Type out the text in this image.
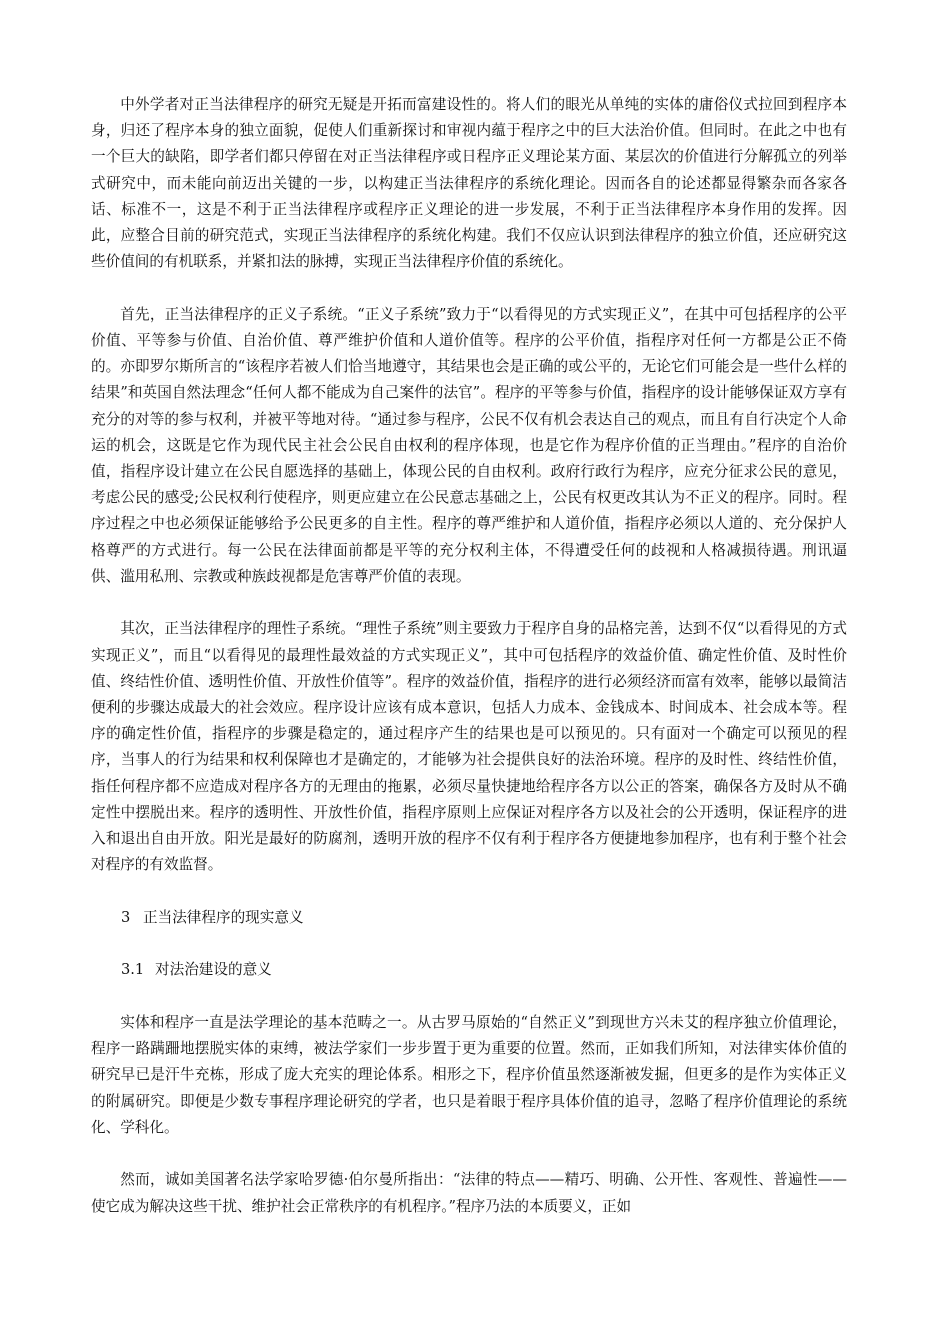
中外学者对正当法律程序的研究无疑是开拓而富建设性的。将人们的眼光从单纯的实体的庸俗仪式拉回到程序本身，归还了程序本身的独立面貌，促使人们重新探讨和审视内蕴于程序之中的巨大法治价值。但同时。在此之中也有一个巨大的缺陷，即学者们都只停留在对正当法律程序或日程序正义理论某方面、某层次的价值进行分解孤立的列举式研究中，而未能向前迈出关键的一步，以构建正当法律程序的系统化理论。因而各自的论述都显得繁杂而各家各话、标准不一，这是不利于正当法律程序或程序正义理论的进一步发展，不利于正当法律程序本身作用的发挥。因此，应整合目前的研究范式，实现正当法律程序的系统化构建。我们不仅应认识到法律程序的独立价值，还应研究这些价值间的有机联系，并紧扣法的脉搏，实现正当法律程序价值的系统化。

首先，正当法律程序的正义子系统。“正义子系统”致力于“以看得见的方式实现正义”，在其中可包括程序的公平价值、平等参与价值、自治价值、尊严维护价值和人道价值等。程序的公平价值，指程序对任何一方都是公正不倚的。亦即罗尔斯所言的“该程序若被人们恰当地遵守，其结果也会是正确的或公平的，无论它们可能会是一些什么样的结果”和英国自然法理念“任何人都不能成为自己案件的法官”。程序的平等参与价值，指程序的设计能够保证双方享有充分的对等的参与权利，并被平等地对待。“通过参与程序，公民不仅有机会表达自己的观点，而且有自行决定个人命运的机会，这既是它作为现代民主社会公民自由权利的程序体现，也是它作为程序价值的正当理由。”程序的自治价值，指程序设计建立在公民自愿选择的基础上，体现公民的自由权利。政府行政行为程序，应充分征求公民的意见，考虑公民的感受;公民权利行使程序，则更应建立在公民意志基础之上，公民有权更改其认为不正义的程序。同时。程序过程之中也必须保证能够给予公民更多的自主性。程序的尊严维护和人道价值，指程序必须以人道的、充分保护人格尊严的方式进行。每一公民在法律面前都是平等的充分权利主体，不得遭受任何的歧视和人格减损待遇。刑讯逼供、滥用私刑、宗教或种族歧视都是危害尊严价值的表现。

其次，正当法律程序的理性子系统。“理性子系统”则主要致力于程序自身的品格完善，达到不仅“以看得见的方式实现正义”，而且“以看得见的最理性最效益的方式实现正义”，其中可包括程序的效益价值、确定性价值、及时性价值、终结性价值、透明性价值、开放性价值等”。程序的效益价值，指程序的进行必须经济而富有效率，能够以最简洁便利的步骤达成最大的社会效应。程序设计应该有成本意识，包括人力成本、金钱成本、时间成本、社会成本等。程序的确定性价值，指程序的步骤是稳定的，通过程序产生的结果也是可以预见的。只有面对一个确定可以预见的程序，当事人的行为结果和权利保障也才是确定的，才能够为社会提供良好的法治环境。程序的及时性、终结性价值，指任何程序都不应造成对程序各方的无理由的拖累，必须尽量快捷地给程序各方以公正的答案，确保各方及时从不确定性中摆脱出来。程序的透明性、开放性价值，指程序原则上应保证对程序各方以及社会的公开透明，保证程序的进入和退出自由开放。阳光是最好的防腐剂，透明开放的程序不仅有利于程序各方便捷地参加程序，也有利于整个社会对程序的有效监督。

3 正当法律程序的现实意义

3.1 对法治建设的意义

实体和程序一直是法学理论的基本范畴之一。从古罗马原始的“自然正义”到现世方兴未艾的程序独立价值理论，程序一路蹒跚地摆脱实体的束缚，被法学家们一步步置于更为重要的位置。然而，正如我们所知，对法律实体价值的研究早已是汗牛充栋，形成了庞大充实的理论体系。相形之下，程序价值虽然逐渐被发掘，但更多的是作为实体正义的附属研究。即便是少数专事程序理论研究的学者，也只是着眼于程序具体价值的追寻，忽略了程序价值理论的系统化、学科化。

然而，诚如美国著名法学家哈罗德·伯尔曼所指出：“法律的特点——精巧、明确、公开性、客观性、普遍性——使它成为解决这些干扰、维护社会正常秩序的有机程序。”程序乃法的本质要义，正如
